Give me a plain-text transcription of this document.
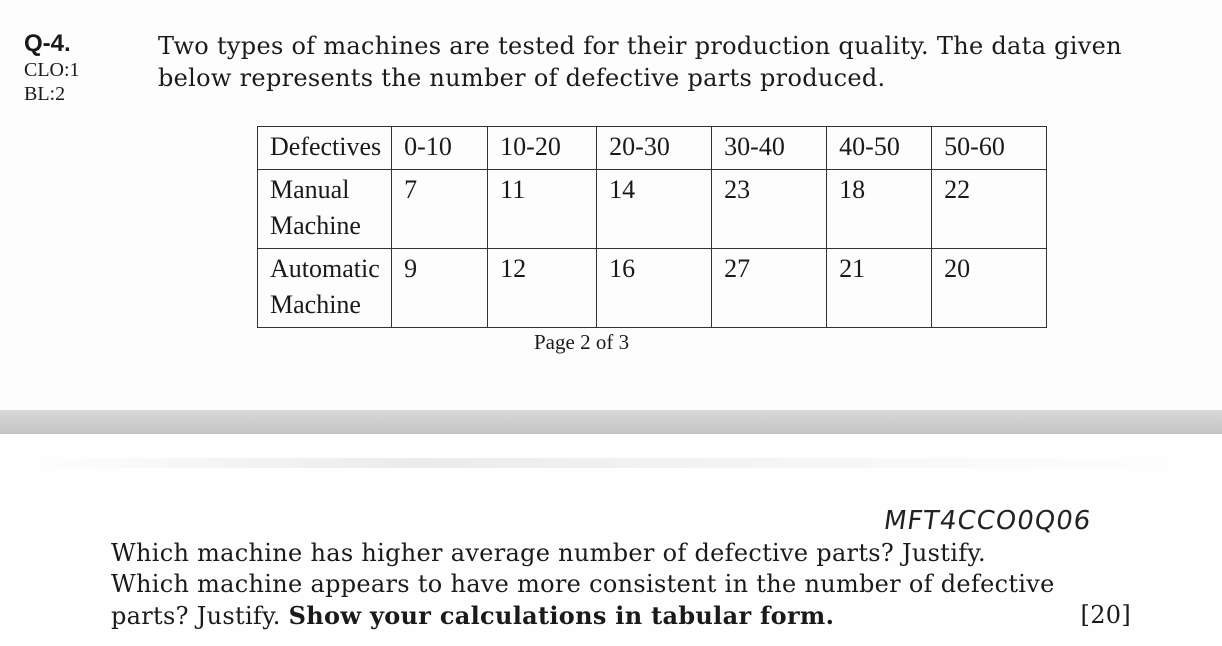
Q-4.
CLO:1
BL:2
Two types of machines are tested for their production quality. The data given below represents the number of defective parts produced.
Defectives	0-10	10-20	20-30	30-40	40-50	50-60

Manual
Machine	7	11	14	23	18	22

Automatic
Machine	9	12	16	27	21	20
Page 2 of 3
MFT4CCO0Q06
Which machine has higher average number of defective parts? Justify.
Which machine appears to have more consistent in the number of defective
parts? Justify. Show your calculations in tabular form.	[20]
